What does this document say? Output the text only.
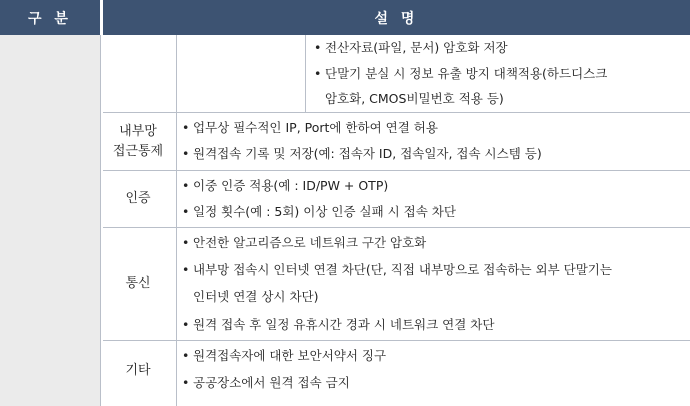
구 분	설 명
• 전산자료(파일, 문서) 암호화 저장
• 단말기 분실 시 정보 유출 방지 대책적용(하드디스크
암호화, CMOS비밀번호 적용 등)
내부망
접근통제
• 업무상 필수적인 IP, Port에 한하여 연결 허용
• 원격접속 기록 및 저장(예: 접속자 ID, 접속일자, 접속 시스템 등)
인증
• 이중 인증 적용(예 : ID/PW + OTP)
• 일정 횟수(예 : 5회) 이상 인증 실패 시 접속 차단
통신
• 안전한 알고리즘으로 네트워크 구간 암호화
• 내부망 접속시 인터넷 연결 차단(단, 직접 내부망으로 접속하는 외부 단말기는
인터넷 연결 상시 차단)
• 원격 접속 후 일정 유휴시간 경과 시 네트워크 연결 차단
기타
• 원격접속자에 대한 보안서약서 징구
• 공공장소에서 원격 접속 금지
